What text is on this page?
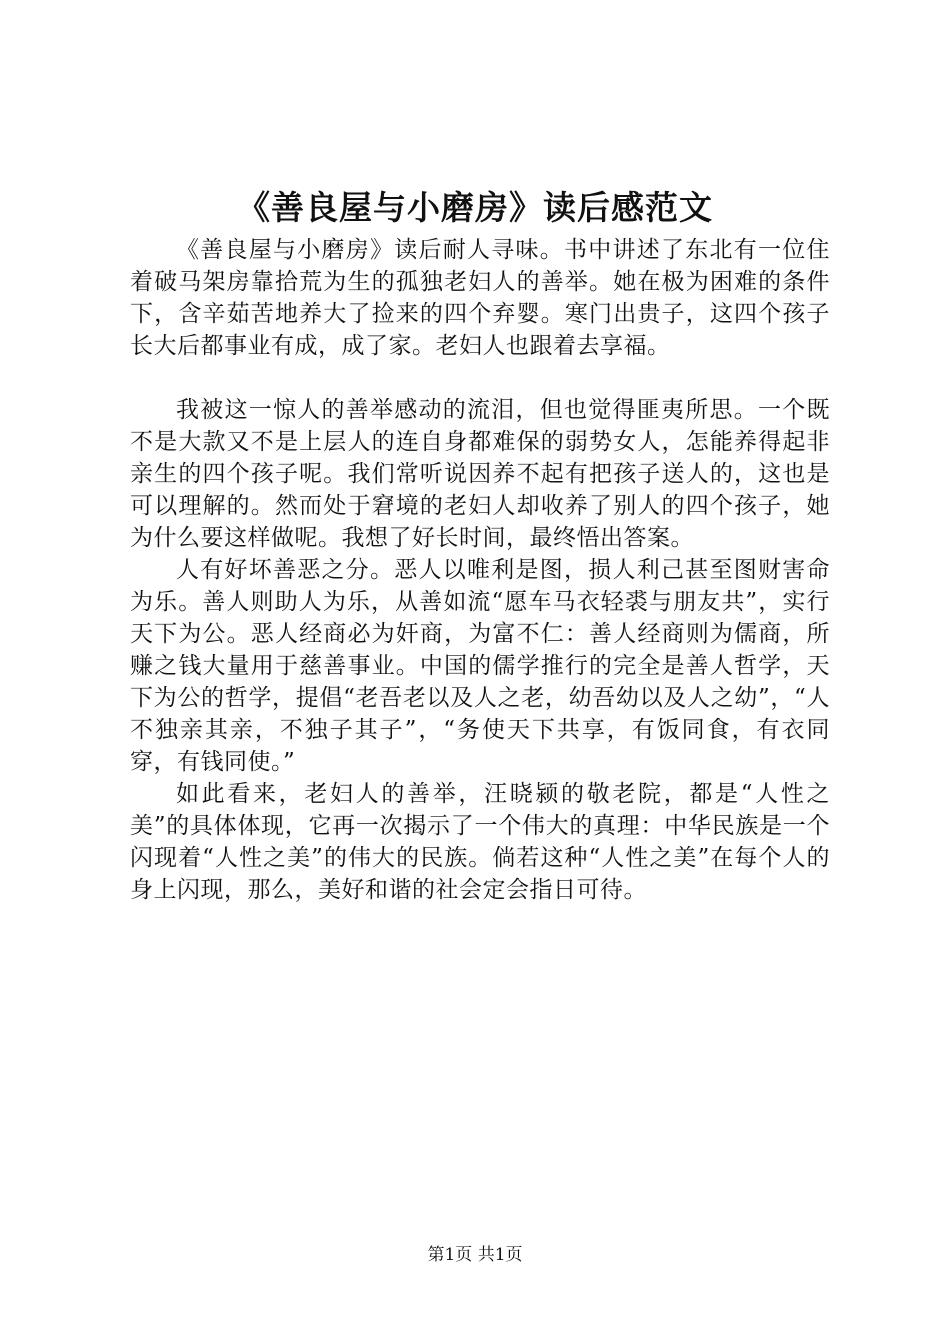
《善良屋与小磨房》读后感范文

《善良屋与小磨房》读后耐人寻味。书中讲述了东北有一位住着破马架房靠拾荒为生的孤独老妇人的善举。她在极为困难的条件下，含辛茹苦地养大了捡来的四个弃婴。寒门出贵子，这四个孩子长大后都事业有成，成了家。老妇人也跟着去享福。

我被这一惊人的善举感动的流泪，但也觉得匪夷所思。一个既不是大款又不是上层人的连自身都难保的弱势女人，怎能养得起非亲生的四个孩子呢。我们常听说因养不起有把孩子送人的，这也是可以理解的。然而处于窘境的老妇人却收养了别人的四个孩子，她为什么要这样做呢。我想了好长时间，最终悟出答案。

人有好坏善恶之分。恶人以唯利是图，损人利己甚至图财害命为乐。善人则助人为乐，从善如流“愿车马衣轻裘与朋友共”，实行天下为公。恶人经商必为奸商，为富不仁：善人经商则为儒商，所赚之钱大量用于慈善事业。中国的儒学推行的完全是善人哲学，天下为公的哲学，提倡“老吾老以及人之老，幼吾幼以及人之幼”，“人不独亲其亲，不独子其子”，“务使天下共享，有饭同食，有衣同穿，有钱同使。”

如此看来，老妇人的善举，汪晓颍的敬老院，都是“人性之美”的具体体现，它再一次揭示了一个伟大的真理：中华民族是一个闪现着“人性之美”的伟大的民族。倘若这种“人性之美”在每个人的身上闪现，那么，美好和谐的社会定会指日可待。

第1页 共1页
